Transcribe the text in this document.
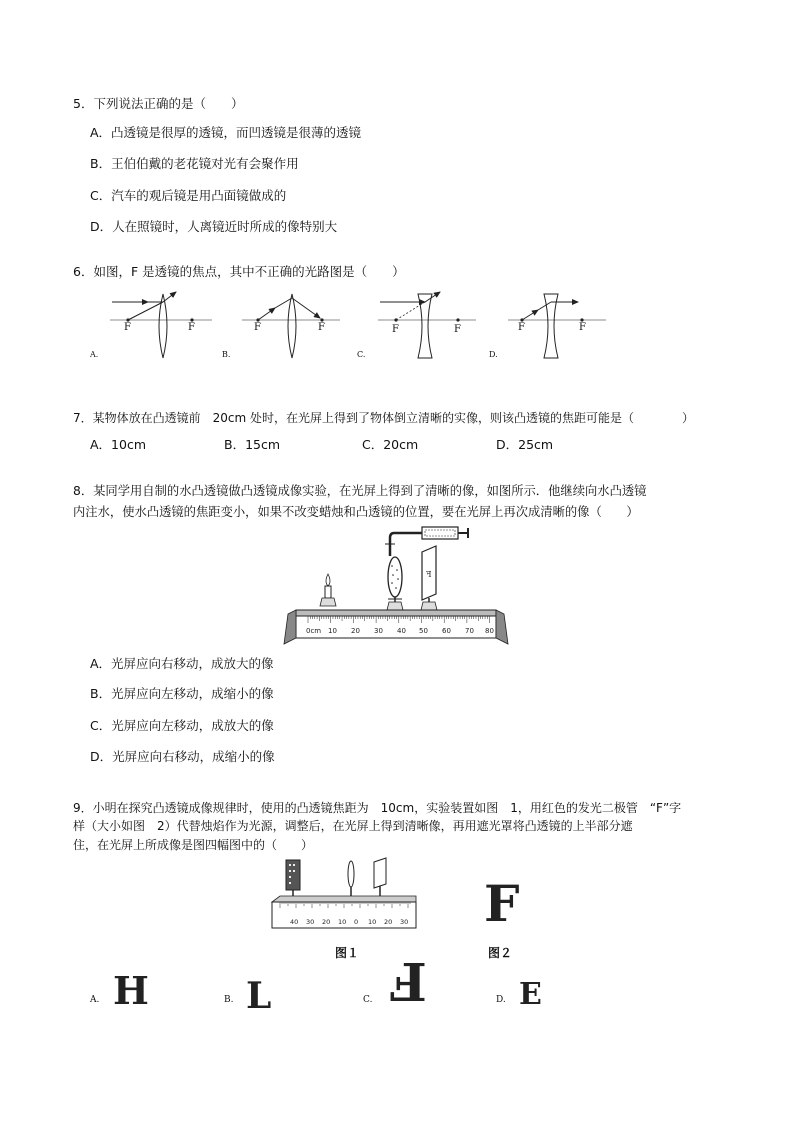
5．下列说法正确的是（　　）
A．凸透镜是很厚的透镜，而凹透镜是很薄的透镜
B．王伯伯戴的老花镜对光有会聚作用
C．汽车的观后镜是用凸面镜做成的
D．人在照镜时，人离镜近时所成的像特别大
6．如图，F 是透镜的焦点，其中不正确的光路图是（　　）
F	F	F	F	F	F	F	F
A.	B.	C.	D.
7．某物体放在凸透镜前　20cm 处时，在光屏上得到了物体倒立清晰的实像，则该凸透镜的焦距可能是（　　　　）
A．10cm	B．15cm	C．20cm	D．25cm
8．某同学用自制的水凸透镜做凸透镜成像实验，在光屏上得到了清晰的像，如图所示．他继续向水凸透镜
内注水，使水凸透镜的焦距变小，如果不改变蜡烛和凸透镜的位置，要在光屏上再次成清晰的像（　　）
ꟻ
0cm 10 20 30 40 50 60 70 80
A．光屏应向右移动，成放大的像
B．光屏应向左移动，成缩小的像
C．光屏应向左移动，成放大的像
D．光屏应向右移动，成缩小的像
9．小明在探究凸透镜成像规律时，使用的凸透镜焦距为　10cm，实验装置如图　1，用红色的发光二极管　“F”字
样（大小如图　2）代替烛焰作为光源，调整后，在光屏上得到清晰像，再用遮光罩将凸透镜的上半部分遮
住，在光屏上所成像是图四幅图中的（　　）
40 30 20 10 0 10 20 30
图１
F
图２
A. H	B. L	C. Ⅎ	D. E
